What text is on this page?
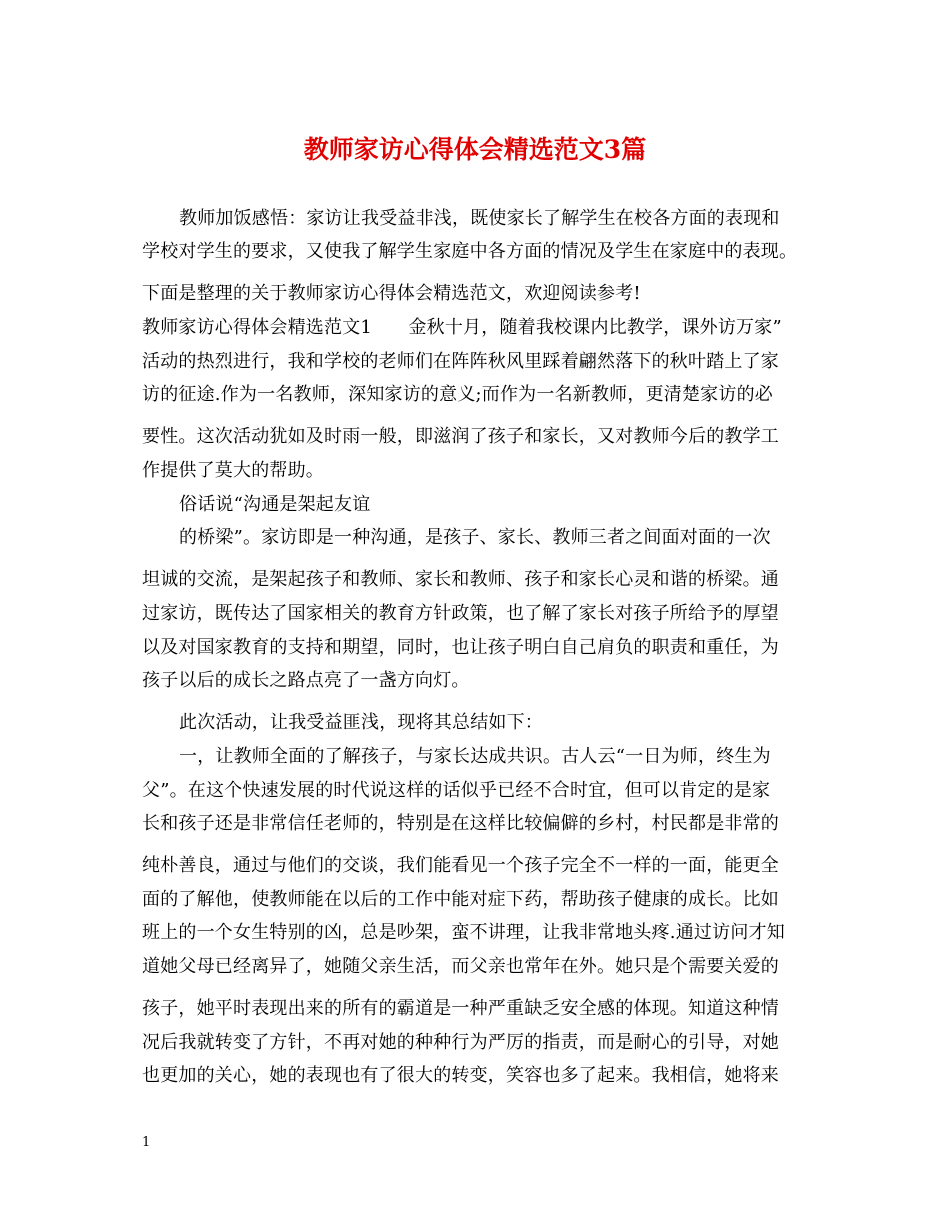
教师家访心得体会精选范文3篇
教师加饭感悟：家访让我受益非浅，既使家长了解学生在校各方面的表现和
学校对学生的要求，又使我了解学生家庭中各方面的情况及学生在家庭中的表现。
下面是整理的关于教师家访心得体会精选范文，欢迎阅读参考!
教师家访心得体会精选范文1　　金秋十月，随着我校课内比教学，课外访万家”
活动的热烈进行，我和学校的老师们在阵阵秋风里踩着翩然落下的秋叶踏上了家
访的征途.作为一名教师，深知家访的意义;而作为一名新教师，更清楚家访的必
要性。这次活动犹如及时雨一般，即滋润了孩子和家长，又对教师今后的教学工
作提供了莫大的帮助。
俗话说“沟通是架起友谊
的桥梁”。家访即是一种沟通，是孩子、家长、教师三者之间面对面的一次
坦诚的交流，是架起孩子和教师、家长和教师、孩子和家长心灵和谐的桥梁。通
过家访，既传达了国家相关的教育方针政策，也了解了家长对孩子所给予的厚望
以及对国家教育的支持和期望，同时，也让孩子明白自己肩负的职责和重任，为
孩子以后的成长之路点亮了一盏方向灯。
此次活动，让我受益匪浅，现将其总结如下：
一，让教师全面的了解孩子，与家长达成共识。古人云“一日为师，终生为
父”。在这个快速发展的时代说这样的话似乎已经不合时宜，但可以肯定的是家
长和孩子还是非常信任老师的，特别是在这样比较偏僻的乡村，村民都是非常的
纯朴善良，通过与他们的交谈，我们能看见一个孩子完全不一样的一面，能更全
面的了解他，使教师能在以后的工作中能对症下药，帮助孩子健康的成长。比如
班上的一个女生特别的凶，总是吵架，蛮不讲理，让我非常地头疼.通过访问才知
道她父母已经离异了，她随父亲生活，而父亲也常年在外。她只是个需要关爱的
孩子，她平时表现出来的所有的霸道是一种严重缺乏安全感的体现。知道这种情
况后我就转变了方针，不再对她的种种行为严厉的指责，而是耐心的引导，对她
也更加的关心，她的表现也有了很大的转变，笑容也多了起来。我相信，她将来
1
